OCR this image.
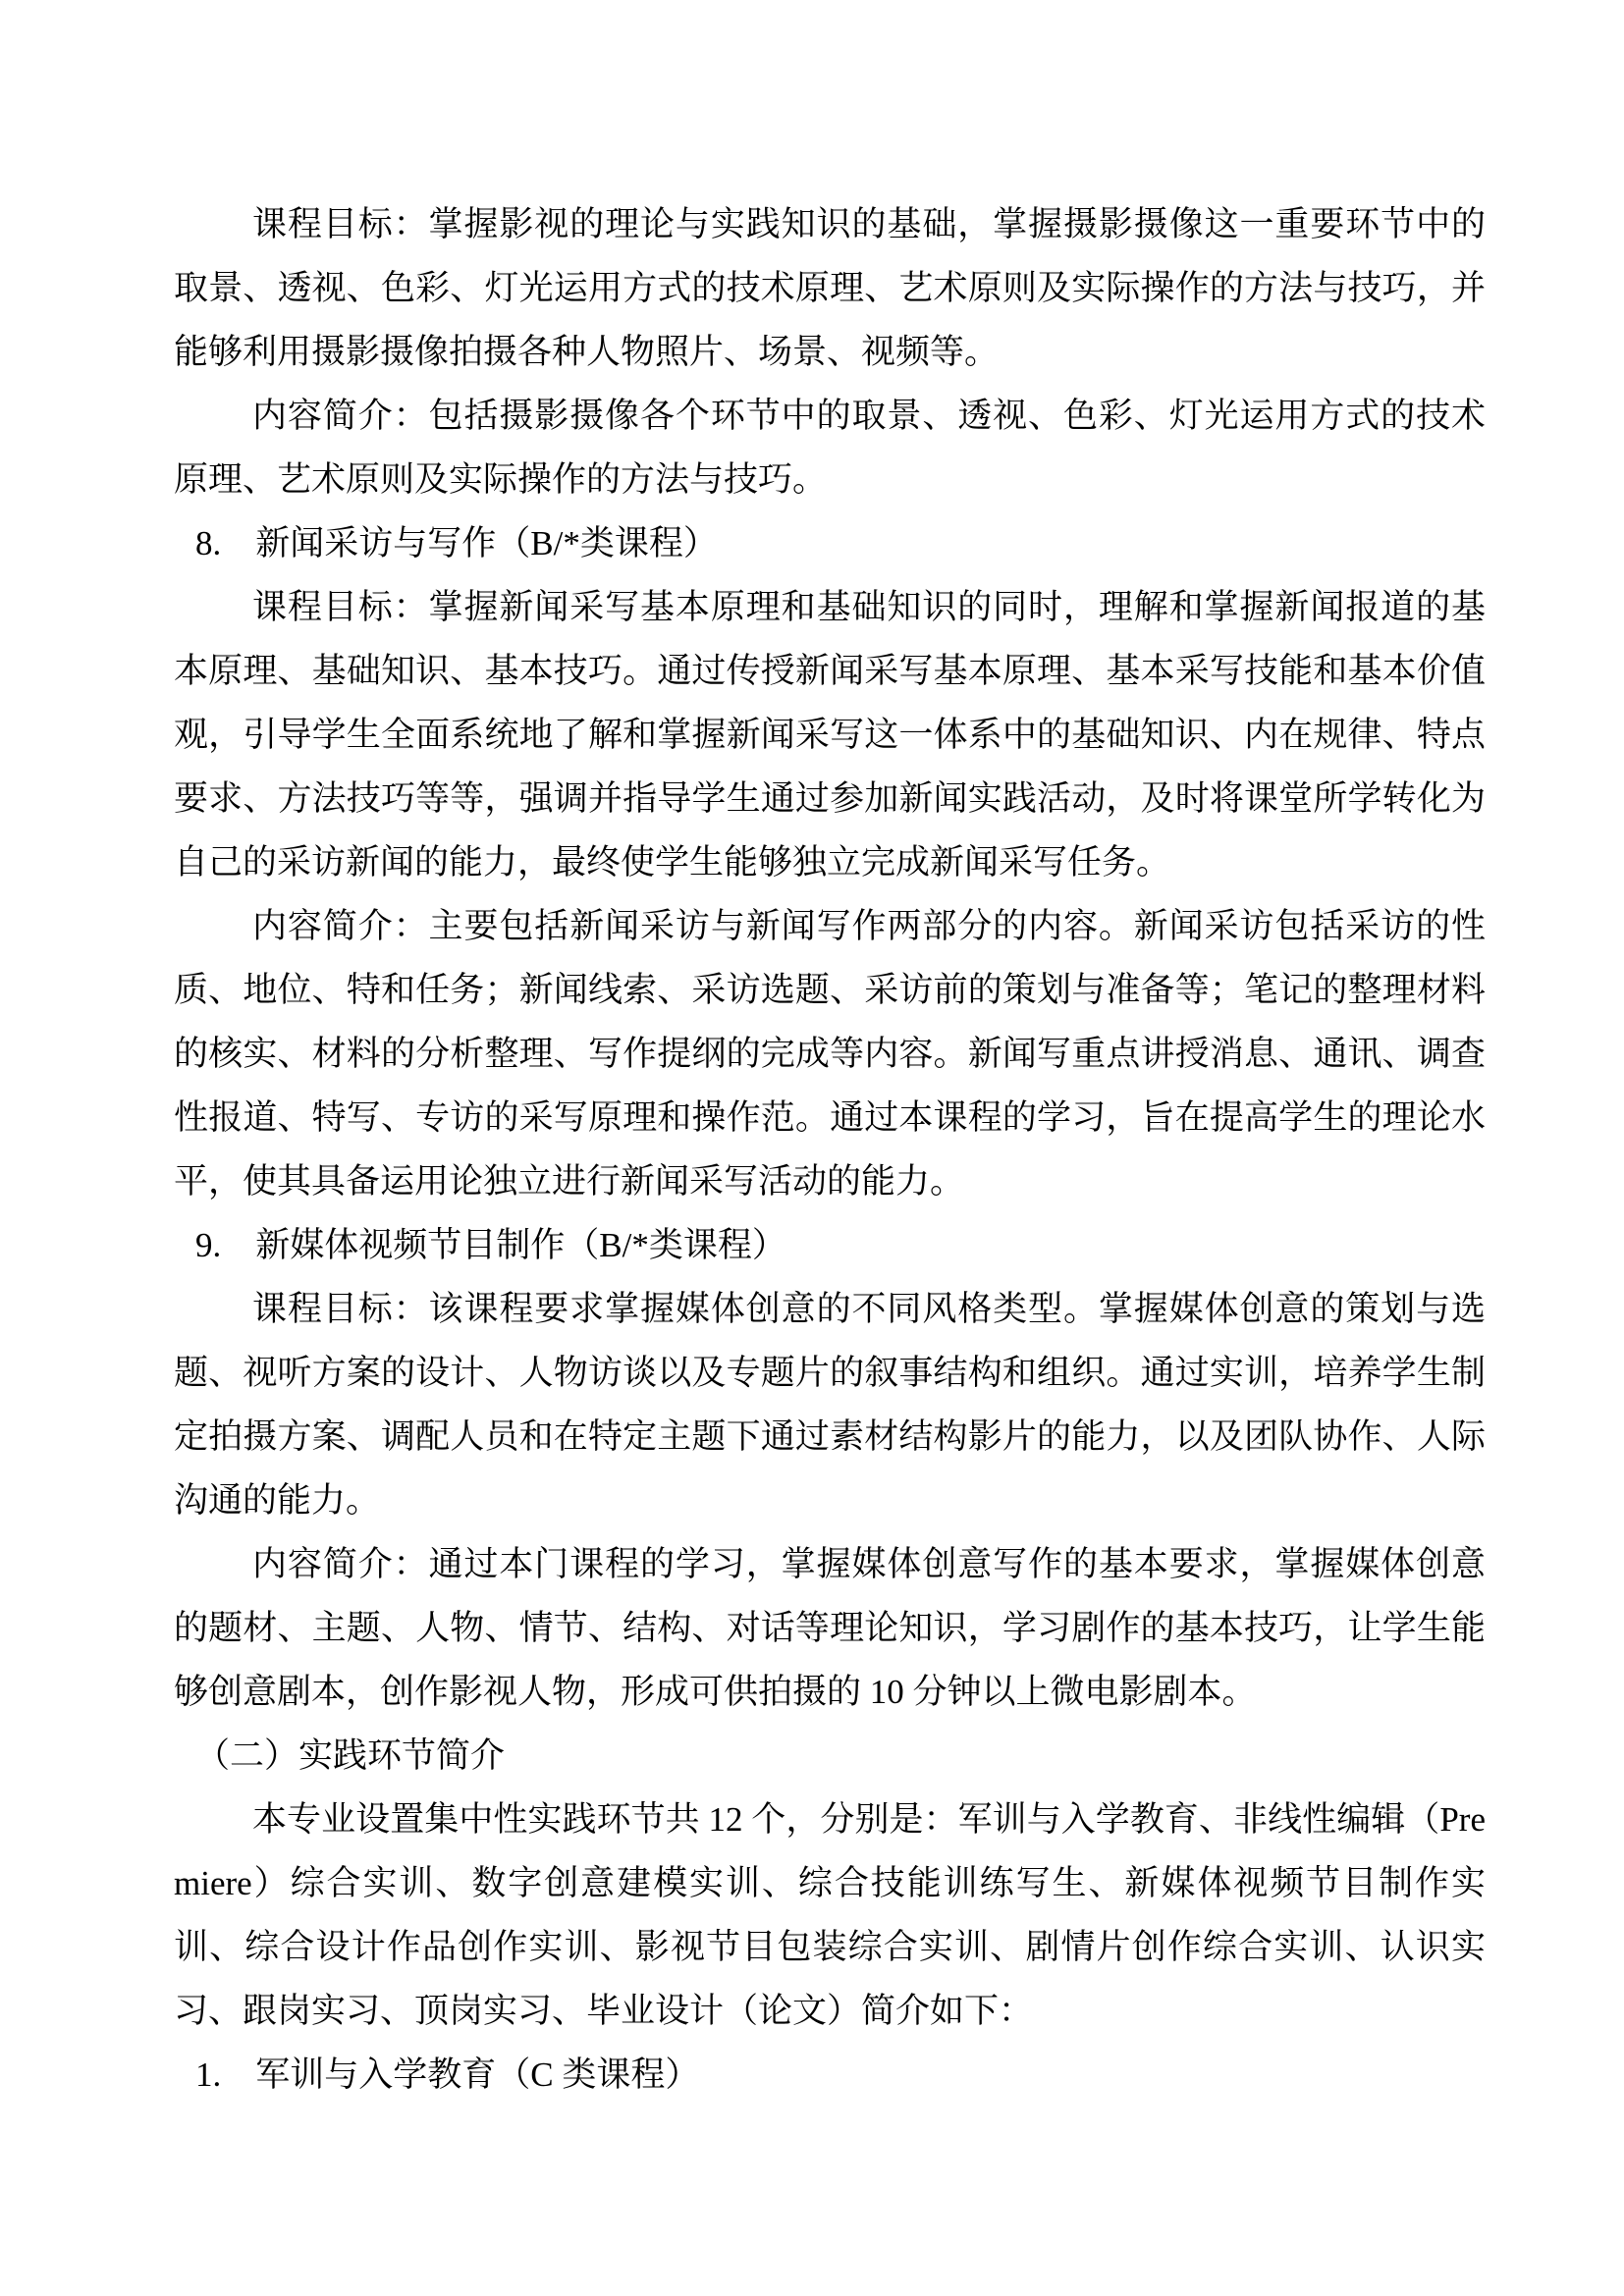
课程目标：掌握影视的理论与实践知识的基础，掌握摄影摄像这一重要环节中的取景、透视、色彩、灯光运用方式的技术原理、艺术原则及实际操作的方法与技巧，并能够利用摄影摄像拍摄各种人物照片、场景、视频等。

内容简介：包括摄影摄像各个环节中的取景、透视、色彩、灯光运用方式的技术原理、艺术原则及实际操作的方法与技巧。

8.　新闻采访与写作（B/*类课程）

课程目标：掌握新闻采写基本原理和基础知识的同时，理解和掌握新闻报道的基本原理、基础知识、基本技巧。通过传授新闻采写基本原理、基本采写技能和基本价值观，引导学生全面系统地了解和掌握新闻采写这一体系中的基础知识、内在规律、特点要求、方法技巧等等，强调并指导学生通过参加新闻实践活动，及时将课堂所学转化为自己的采访新闻的能力，最终使学生能够独立完成新闻采写任务。

内容简介：主要包括新闻采访与新闻写作两部分的内容。新闻采访包括采访的性质、地位、特和任务；新闻线索、采访选题、采访前的策划与准备等；笔记的整理材料的核实、材料的分析整理、写作提纲的完成等内容。新闻写重点讲授消息、通讯、调查性报道、特写、专访的采写原理和操作范。通过本课程的学习，旨在提高学生的理论水平，使其具备运用论独立进行新闻采写活动的能力。

9.　新媒体视频节目制作（B/*类课程）

课程目标：该课程要求掌握媒体创意的不同风格类型。掌握媒体创意的策划与选题、视听方案的设计、人物访谈以及专题片的叙事结构和组织。通过实训，培养学生制定拍摄方案、调配人员和在特定主题下通过素材结构影片的能力，以及团队协作、人际沟通的能力。

内容简介：通过本门课程的学习，掌握媒体创意写作的基本要求，掌握媒体创意的题材、主题、人物、情节、结构、对话等理论知识，学习剧作的基本技巧，让学生能够创意剧本，创作影视人物，形成可供拍摄的 10 分钟以上微电影剧本。

（二）实践环节简介

本专业设置集中性实践环节共 12 个，分别是：军训与入学教育、非线性编辑（Premiere）综合实训、数字创意建模实训、综合技能训练写生、新媒体视频节目制作实训、综合设计作品创作实训、影视节目包装综合实训、剧情片创作综合实训、认识实习、跟岗实习、顶岗实习、毕业设计（论文）简介如下：

1.　军训与入学教育（C 类课程）
